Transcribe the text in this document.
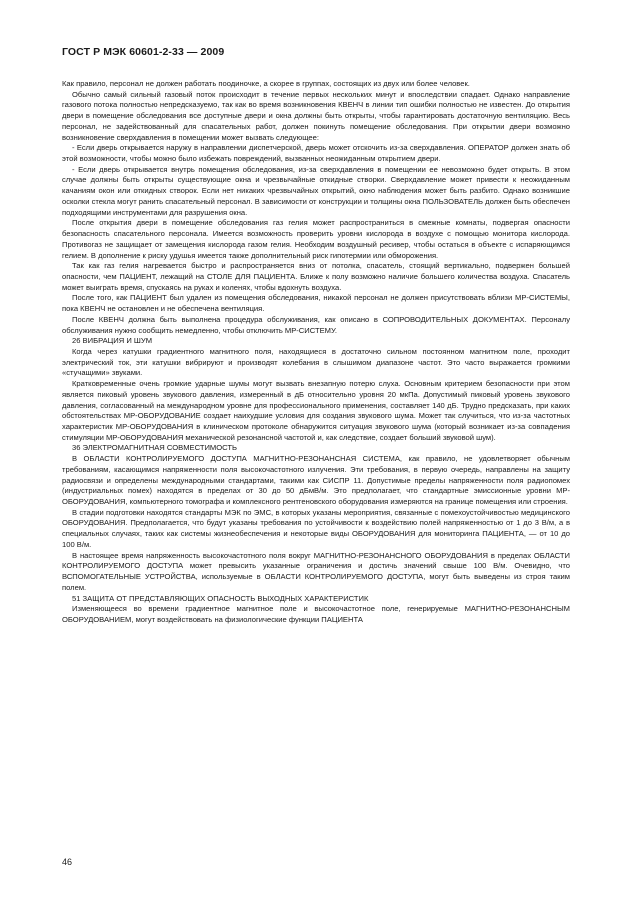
ГОСТ Р МЭК 60601-2-33 — 2009

Как правило, персонал не должен работать поодиночке, а скорее в группах, состоящих из двух или более человек.

Обычно самый сильный газовый поток происходит в течение первых нескольких минут и впоследствии спадает. Однако направление газового потока полностью непредсказуемо, так как во время возникновения КВЕНЧ в линии тип ошибки полностью не известен. До открытия двери в помещение обследования все доступные двери и окна должны быть открыты, чтобы гарантировать достаточную вентиляцию. Весь персонал, не задействованный для спасательных работ, должен покинуть помещение обследования. При открытии двери возможно возникновение сверхдавления в помещении может вызвать следующее:

- Если дверь открывается наружу в направлении диспетчерской, дверь может отскочить из-за сверхдавления. ОПЕРАТОР должен знать об этой возможности, чтобы можно было избежать повреждений, вызванных неожиданным открытием двери.

- Если дверь открывается внутрь помещения обследования, из-за сверхдавления в помещении ее невозможно будет открыть. В этом случае должны быть открыты существующие окна и чрезвычайные откидные створки. Сверхдавление может привести к неожиданным качаниям окон или откидных створок. Если нет никаких чрезвычайных открытий, окно наблюдения может быть разбито. Однако возникшие осколки стекла могут ранить спасательный персонал. В зависимости от конструкции и толщины окна ПОЛЬЗОВАТЕЛЬ должен быть обеспечен подходящими инструментами для разрушения окна.

После открытия двери в помещение обследования газ гелия может распространиться в смежные комнаты, подвергая опасности безопасность спасательного персонала. Имеется возможность проверить уровни кислорода в воздухе с помощью монитора кислорода. Противогаз не защищает от замещения кислорода газом гелия. Необходим воздушный ресивер, чтобы остаться в объекте с испаряющимся гелием. В дополнение к риску удушья имеется также дополнительный риск гипотермии или обморожения.

Так как газ гелия нагревается быстро и распространяется вниз от потолка, спасатель, стоящий вертикально, подвержен большей опасности, чем ПАЦИЕНТ, лежащий на СТОЛЕ ДЛЯ ПАЦИЕНТА. Ближе к полу возможно наличие большего количества воздуха. Спасатель может выиграть время, спускаясь на руках и коленях, чтобы вдохнуть воздуха.

После того, как ПАЦИЕНТ был удален из помещения обследования, никакой персонал не должен присутствовать вблизи МР-СИСТЕМЫ, пока КВЕНЧ не остановлен и не обеспечена вентиляция.

После КВЕНЧ должна быть выполнена процедура обслуживания, как описано в СОПРОВОДИТЕЛЬНЫХ ДОКУМЕНТАХ. Персоналу обслуживания нужно сообщить немедленно, чтобы отключить МР-СИСТЕМУ.

26 ВИБРАЦИЯ И ШУМ

Когда через катушки градиентного магнитного поля, находящиеся в достаточно сильном постоянном магнитном поле, проходит электрический ток, эти катушки вибрируют и производят колебания в слышимом диапазоне частот. Это часто выражается громкими «стучащими» звуками.

Кратковременные очень громкие ударные шумы могут вызвать внезапную потерю слуха. Основным критерием безопасности при этом является пиковый уровень звукового давления, измеренный в дБ относительно уровня 20 мкПа. Допустимый пиковый уровень звукового давления, согласованный на международном уровне для профессионального применения, составляет 140 дБ. Трудно предсказать, при каких обстоятельствах МР-ОБОРУДОВАНИЕ создает наихудшие условия для создания звукового шума. Может так случиться, что из-за частотных характеристик МР-ОБОРУДОВАНИЯ в клиническом протоколе обнаружится ситуация звукового шума (который возникает из-за совпадения стимуляции МР-ОБОРУДОВАНИЯ механической резонансной частотой и, как следствие, создает больший звуковой шум).

36 ЭЛЕКТРОМАГНИТНАЯ СОВМЕСТИМОСТЬ

В ОБЛАСТИ КОНТРОЛИРУЕМОГО ДОСТУПА МАГНИТНО-РЕЗОНАНСНАЯ СИСТЕМА, как правило, не удовлетворяет обычным требованиям, касающимся напряженности поля высокочастотного излучения. Эти требования, в первую очередь, направлены на защиту радиосвязи и определены международными стандартами, такими как СИСПР 11. Допустимые пределы напряженности поля радиопомех (индустриальных помех) находятся в пределах от 30 до 50 дБмВ/м. Это предполагает, что стандартные эмиссионные уровни МР-ОБОРУДОВАНИЯ, компьютерного томографа и комплексного рентгеновского оборудования измеряются на границе помещения или строения.

В стадии подготовки находятся стандарты МЭК по ЭМС, в которых указаны мероприятия, связанные с помехоустойчивостью медицинского ОБОРУДОВАНИЯ. Предполагается, что будут указаны требования по устойчивости к воздействию полей напряженностью от 1 до 3 В/м, а в специальных случаях, таких как системы жизнеобеспечения и некоторые виды ОБОРУДОВАНИЯ для мониторинга ПАЦИЕНТА, — от 10 до 100 В/м.

В настоящее время напряженность высокочастотного поля вокруг МАГНИТНО-РЕЗОНАНСНОГО ОБОРУДОВАНИЯ в пределах ОБЛАСТИ КОНТРОЛИРУЕМОГО ДОСТУПА может превысить указанные ограничения и достичь значений свыше 100 В/м. Очевидно, что ВСПОМОГАТЕЛЬНЫЕ УСТРОЙСТВА, используемые в ОБЛАСТИ КОНТРОЛИРУЕМОГО ДОСТУПА, могут быть выведены из строя таким полем.

51 ЗАЩИТА ОТ ПРЕДСТАВЛЯЮЩИХ ОПАСНОСТЬ ВЫХОДНЫХ ХАРАКТЕРИСТИК

Изменяющееся во времени градиентное магнитное поле и высокочастотное поле, генерируемые МАГНИТНО-РЕЗОНАНСНЫМ ОБОРУДОВАНИЕМ, могут воздействовать на физиологические функции ПАЦИЕНТА

46
